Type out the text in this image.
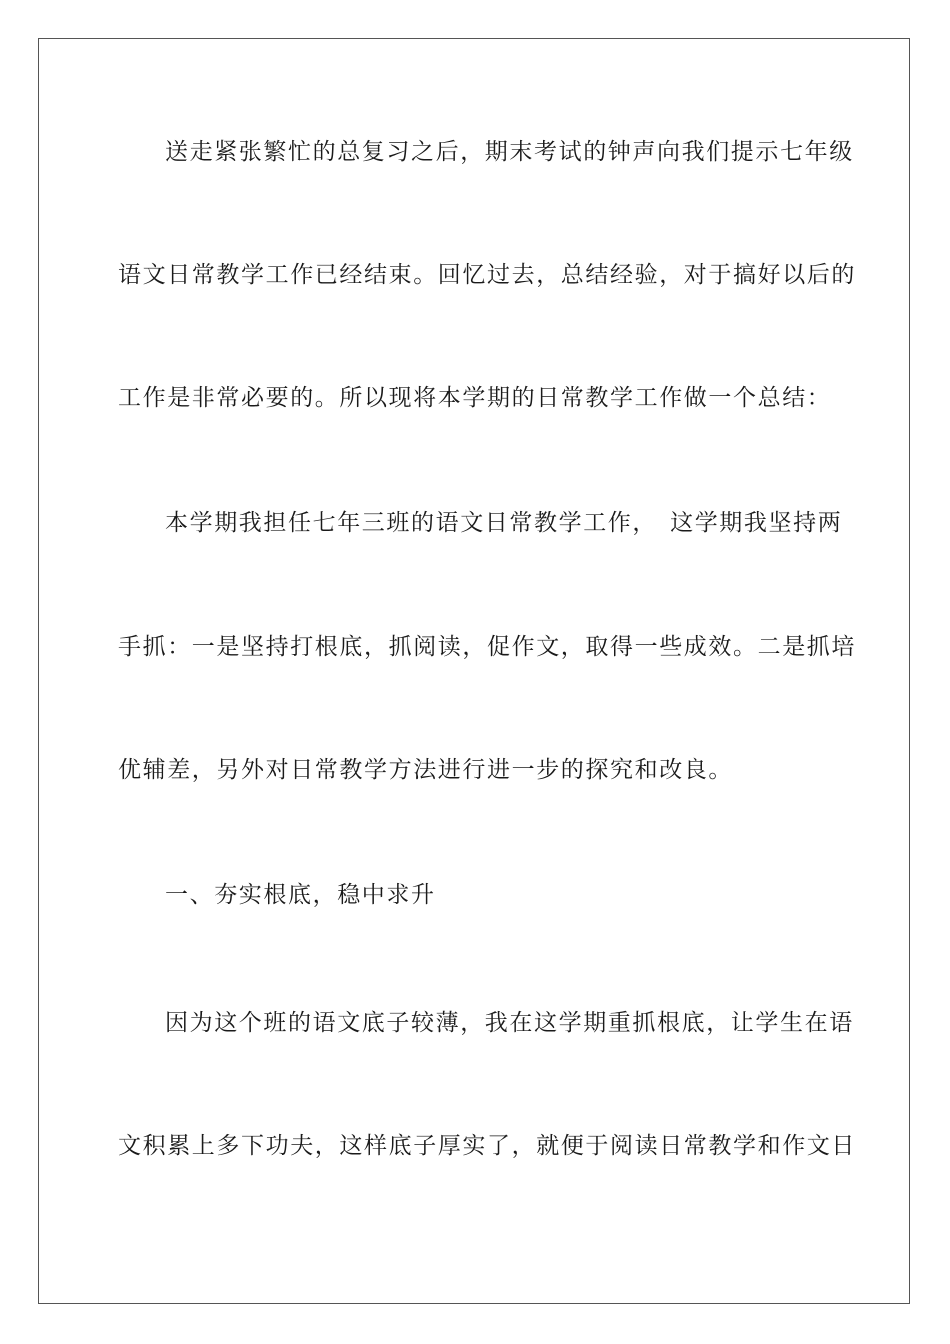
送走紧张繁忙的总复习之后，期末考试的钟声向我们提示七年级
语文日常教学工作已经结束。回忆过去，总结经验，对于搞好以后的
工作是非常必要的。所以现将本学期的日常教学工作做一个总结：
本学期我担任七年三班的语文日常教学工作，　这学期我坚持两
手抓：一是坚持打根底，抓阅读，促作文，取得一些成效。二是抓培
优辅差，另外对日常教学方法进行进一步的探究和改良。
一、夯实根底，稳中求升
因为这个班的语文底子较薄，我在这学期重抓根底，让学生在语
文积累上多下功夫，这样底子厚实了，就便于阅读日常教学和作文日
